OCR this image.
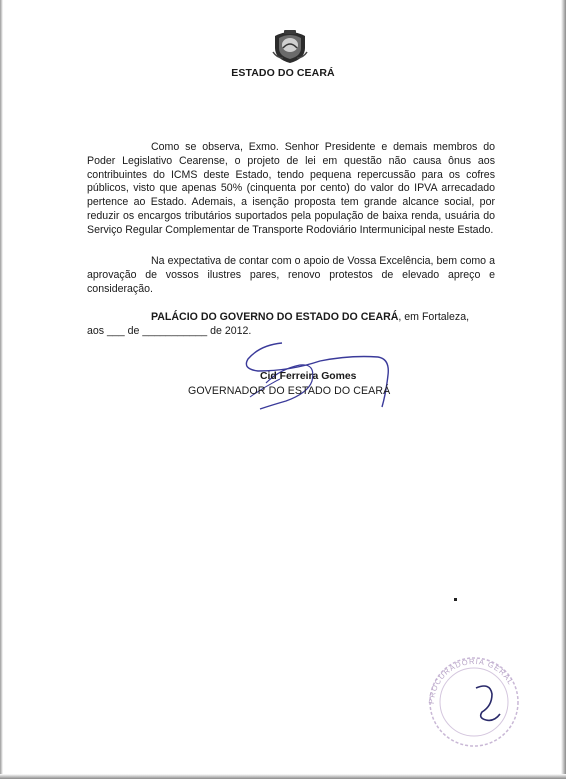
ESTADO DO CEARÁ

Como se observa, Exmo. Senhor Presidente e demais membros do Poder Legislativo Cearense, o projeto de lei em questão não causa ônus aos contribuintes do ICMS deste Estado, tendo pequena repercussão para os cofres públicos, visto que apenas 50% (cinquenta por cento) do valor do IPVA arrecadado pertence ao Estado. Ademais, a isenção proposta tem grande alcance social, por reduzir os encargos tributários suportados pela população de baixa renda, usuária do Serviço Regular Complementar de Transporte Rodoviário Intermunicipal neste Estado.

Na expectativa de contar com o apoio de Vossa Excelência, bem como a aprovação de vossos ilustres pares, renovo protestos de elevado apreço e consideração.

PALÁCIO DO GOVERNO DO ESTADO DO CEARÁ, em Fortaleza,
aos ___ de ___________ de 2012.

Cid Ferreira Gomes
GOVERNADOR DO ESTADO DO CEARÁ
PROCURADORIA GERAL
